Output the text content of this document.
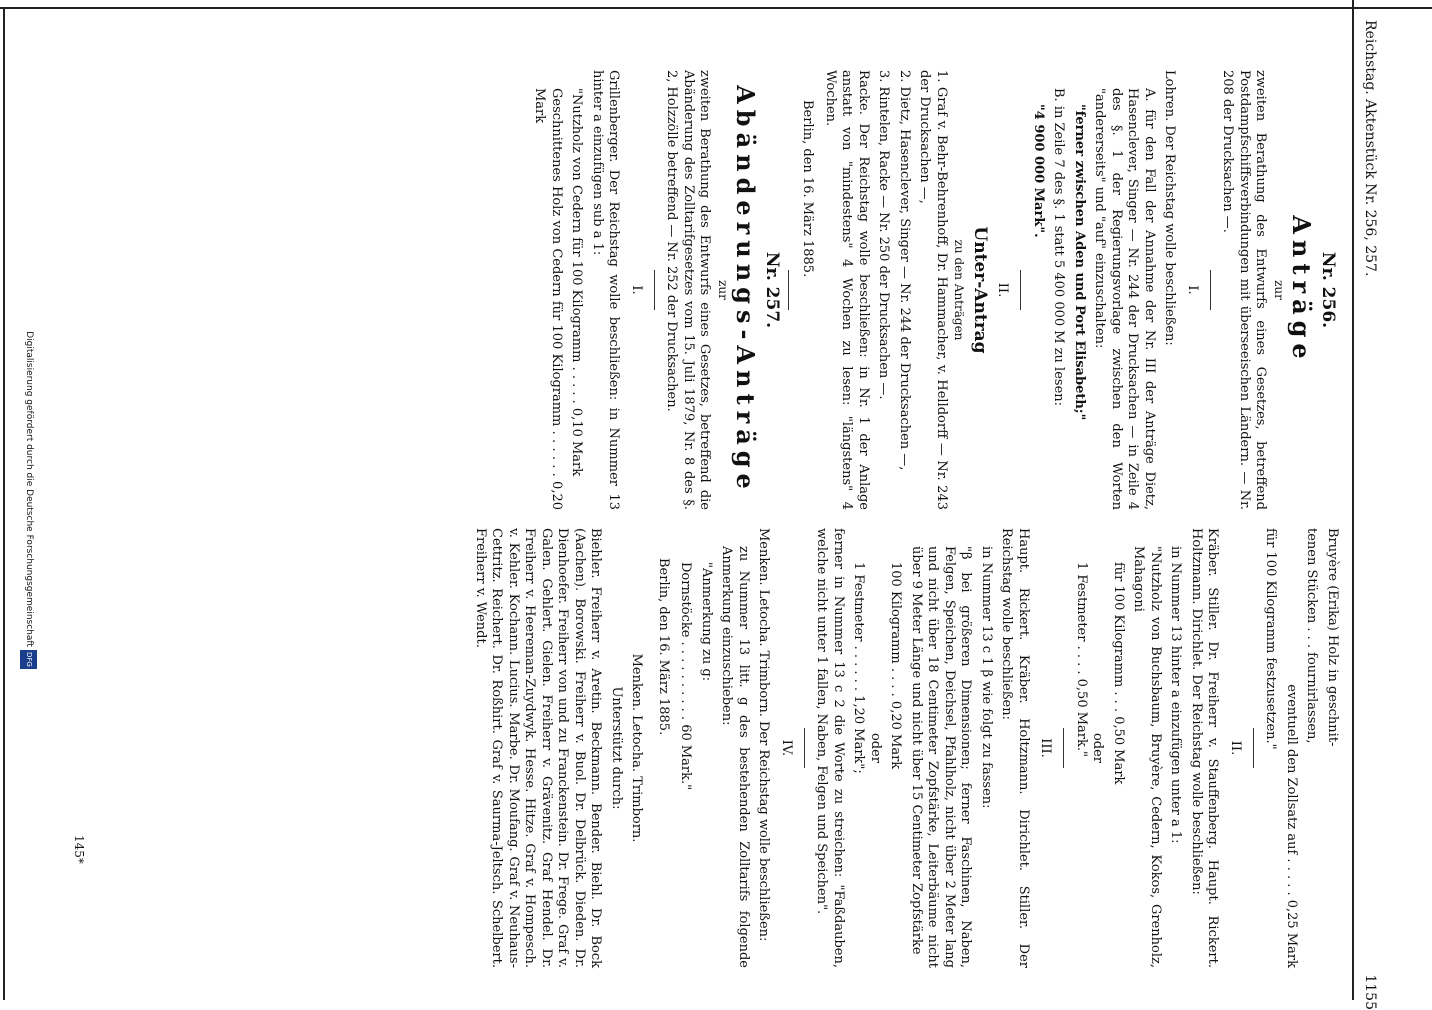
Reichstag. Aktenstück Nr. 256, 257.
1155
Nr. 256.
Anträge
zur

zweiten Berathung des Entwurfs eines Gesetzes, betreffend Postdampfschiffsverbindungen mit überseeischen Ländern. — Nr. 208 der Drucksachen —.

I.

Lohren. Der Reichstag wolle beschließen:

A. für den Fall der Annahme der Nr. III der Anträge Dietz, Hasenclever, Singer — Nr. 244 der Drucksachen — in Zeile 4 des §. 1 der Regierungsvorlage zwischen den Worten "andererseits" und "auf" einzuschalten:

"ferner zwischen Aden und Port Elisabeth;"

B. in Zeile 7 des §. 1 statt 5 400 000 M zu lesen:

"4 900 000 Mark".

II.
Unter-Antrag
zu den Anträgen

1. Graf v. Behr-Behrenhoff, Dr. Hammacher, v. Helldorff — Nr. 243 der Drucksachen —,

2. Dietz, Hasenclever, Singer — Nr. 244 der Drucksachen —,

3. Rintelen, Racke — Nr. 250 der Drucksachen —.

Racke. Der Reichstag wolle beschließen: in Nr. 1 der Anlage anstatt von "mindestens" 4 Wochen zu lesen: "längstens" 4 Wochen.

Berlin, den 16. März 1885.

Nr. 257.
Abänderungs-Anträge
zur

zweiten Berathung des Entwurfs eines Gesetzes, betreffend die Abänderung des Zolltarifgesetzes vom 15. Juli 1879, Nr. 8 des §. 2, Holzzölle betreffend — Nr. 252 der Drucksachen.

I.

Grillenberger. Der Reichstag wolle beschließen: in Nummer 13 hinter a einzufügen sub a 1:

"Nutzholz von Cedern für 100 Kilogramm . . . . . 0,10 Mark

Geschnittenes Holz von Cedern für 100 Kilogramm . . . . . . 0,20 Mark

Bruyère (Erika) Holz in geschnit-

tenen Stücken . . . fournirlassen,

eventuell den Zollsatz auf . . . . . 0,25 Mark

für 100 Kilogramm festzusetzen."

II.

Kräber. Stiller. Dr. Freiherr v. Stauffenberg. Haupt. Rickert. Holtzmann. Dirichlet. Der Reichstag wolle beschließen:

in Nummer 13 hinter a einzufügen unter a 1:

"Nutzholz von Buchsbaum, Bruyère, Cedern, Kokos, Grenholz, Mahagoni

für 100 Kilogramm . . . 0,50 Mark

oder

1 Festmeter . . . . 0,50 Mark."

III.

Haupt. Rickert. Kräber. Holtzmann. Dirichlet. Stiller. Der Reichstag wolle beschließen:

in Nummer 13 c 1 β wie folgt zu fassen:

"β bei größeren Dimensionen; ferner Faschinen, Naben, Felgen, Speichen, Deichsel, Pfahlholz, nicht über 2 Meter lang und nicht über 18 Centimeter Zopfstärke, Leiterbäume nicht über 9 Meter Länge und nicht über 15 Centimeter Zopfstärke

100 Kilogramm . . . . 0,20 Mark

oder

1 Festmeter . . . . . . 1,20 Mark";

ferner in Nummer 13 c 2 die Worte zu streichen: "Faßdauben, welche nicht unter 1 fallen, Naben, Felgen und Speichen".

IV.

Menken. Letocha. Trimborn. Der Reichstag wolle beschließen:

zu Nummer 13 litt. g des bestehenden Zolltarifs folgende Anmerkung einzuschieben:

"Anmerkung zu g:

Dornstöcke . . . . . . . . . . 60 Mark."

Berlin, den 16. März 1885.

Menken. Letocha. Trimborn.

Unterstützt durch:

Biehler. Freiherr v. Aretin. Beckmann. Bender. Biehl. Dr. Bock (Aachen). Borowski. Freiherr v. Buol. Dr. Delbrück. Dieden. Dr. Dienhoefer. Freiherr von und zu Franckenstein. Dr. Frege. Graf v. Galen. Gehlert. Gielen. Freiherr v. Grävenitz. Graf Hendel. Dr. Freiherr v. Heereman-Zuydwyk. Hesse. Hitze. Graf v. Hompesch. v. Kehler. Kochann. Lucius. Marbe. Dr. Moufang. Graf v. Neuhaus-Cettritz. Reichert. Dr. Roßhirt. Graf v. Saurma-Jeltsch. Schelbert. Freiherr v. Wendt.

145*
Digitalisierung gefördert durch die Deutsche ForschungsgemeinschaftDFG
